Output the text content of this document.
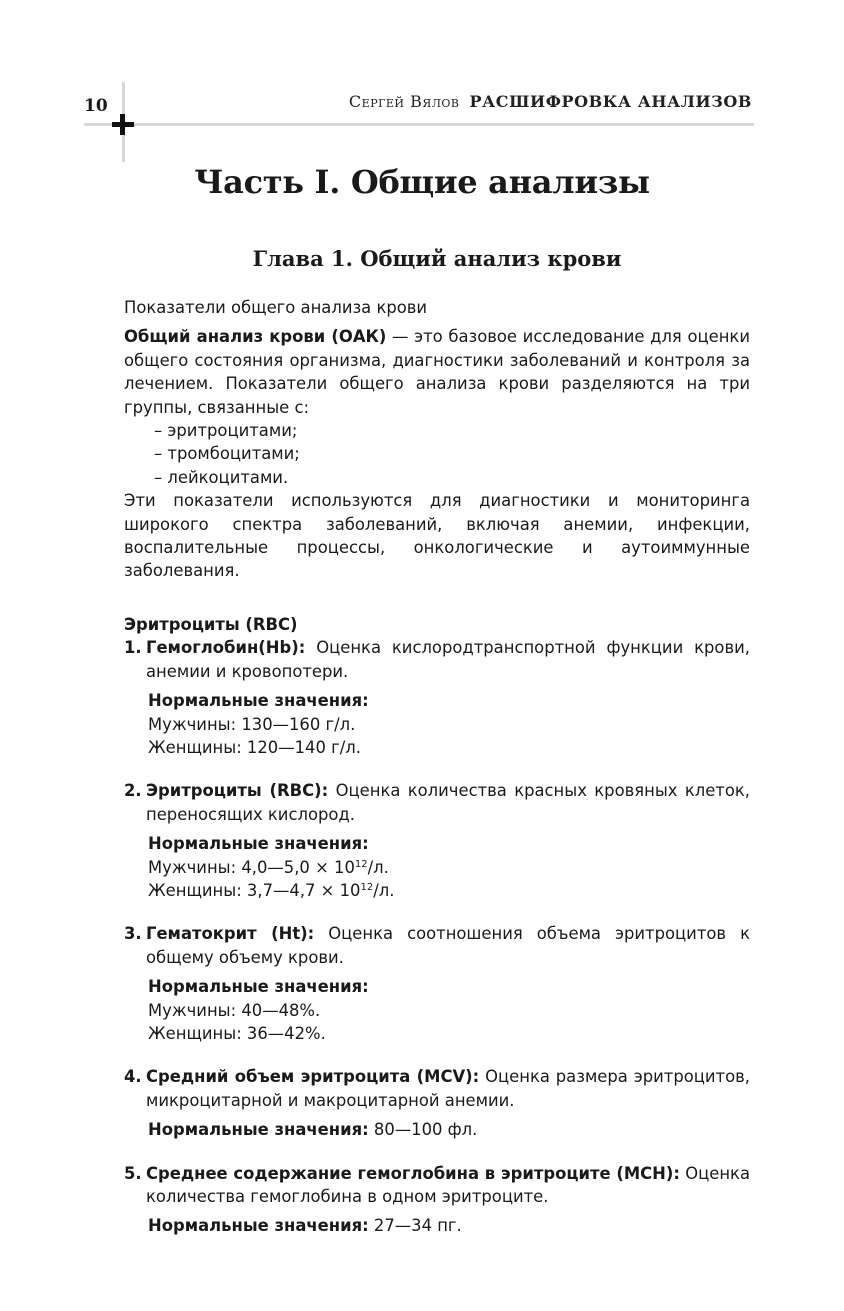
10	Сергей Вялов РАСШИФРОВКА АНАЛИЗОВ
Часть I. Общие анализы
Глава 1. Общий анализ крови

Показатели общего анализа крови

Общий анализ крови (ОАК) — это базовое исследование для оценки общего состояния организма, диагностики заболеваний и контроля за лечением. Показатели общего анализа крови разделяются на три группы, связанные с:

– эритроцитами;

– тромбоцитами;

– лейкоцитами.

Эти показатели используются для диагностики и мониторинга широкого спектра заболеваний, включая анемии, инфекции, воспалительные процессы, онкологические и аутоиммунные заболевания.

Эритроциты (RBC)

1. Гемоглобин(Hb): Оценка кислородтранспортной функции крови, анемии и кровопотери.

Нормальные значения:

Мужчины: 130—160 г/л.

Женщины: 120—140 г/л.

2. Эритроциты (RBC): Оценка количества красных кровяных клеток, переносящих кислород.

Нормальные значения:

Мужчины: 4,0—5,0 × $10^{12}/л$.

Женщины: 3,7—4,7 × $10^{12}/л$.

3. Гематокрит (Ht): Оценка соотношения объема эритроцитов к общему объему крови.

Нормальные значения:

Мужчины: 40—48%.

Женщины: 36—42%.

4. Средний объем эритроцита (MCV): Оценка размера эритроцитов, микроцитарной и макроцитарной анемии.

Нормальные значения: 80—100 фл.

5. Среднее содержание гемоглобина в эритроците (MCH): Оценка количества гемоглобина в одном эритроците.

Нормальные значения: 27—34 пг.
